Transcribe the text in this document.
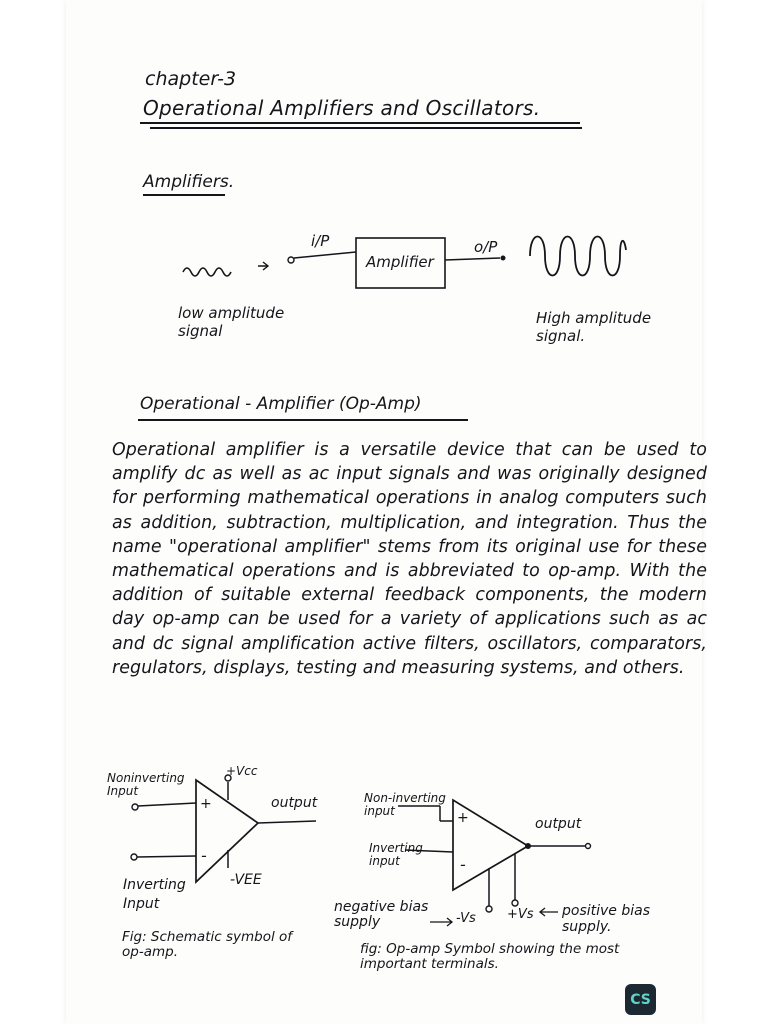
chapter-3
Operational Amplifiers and Oscillators.
Amplifiers.
i/P
Amplifier
o/P
low amplitude signal
High amplitude signal.
Operational - Amplifier (Op-Amp)
Operational amplifier is a versatile device that can be used to amplify dc as well as ac input signals and was originally designed for performing mathematical operations in analog computers such as addition, subtraction, multiplication, and integration. Thus the name "operational amplifier" stems from its original use for these mathematical operations and is abbreviated to op-amp. With the addition of suitable external feedback components, the modern day op-amp can be used for a variety of applications such as ac and dc signal amplification active filters, oscillators, comparators, regulators, displays, testing and measuring systems, and others.
Noninverting Input
+Vcc
output
+
-
-VEE
Inverting Input
Fig: Schematic symbol of op-amp.
Non-inverting input	+	output
Inverting input	-
negative bias supply	-Vs +Vs positive bias supply.
fig: Op-amp Symbol showing the most important terminals.
CS
